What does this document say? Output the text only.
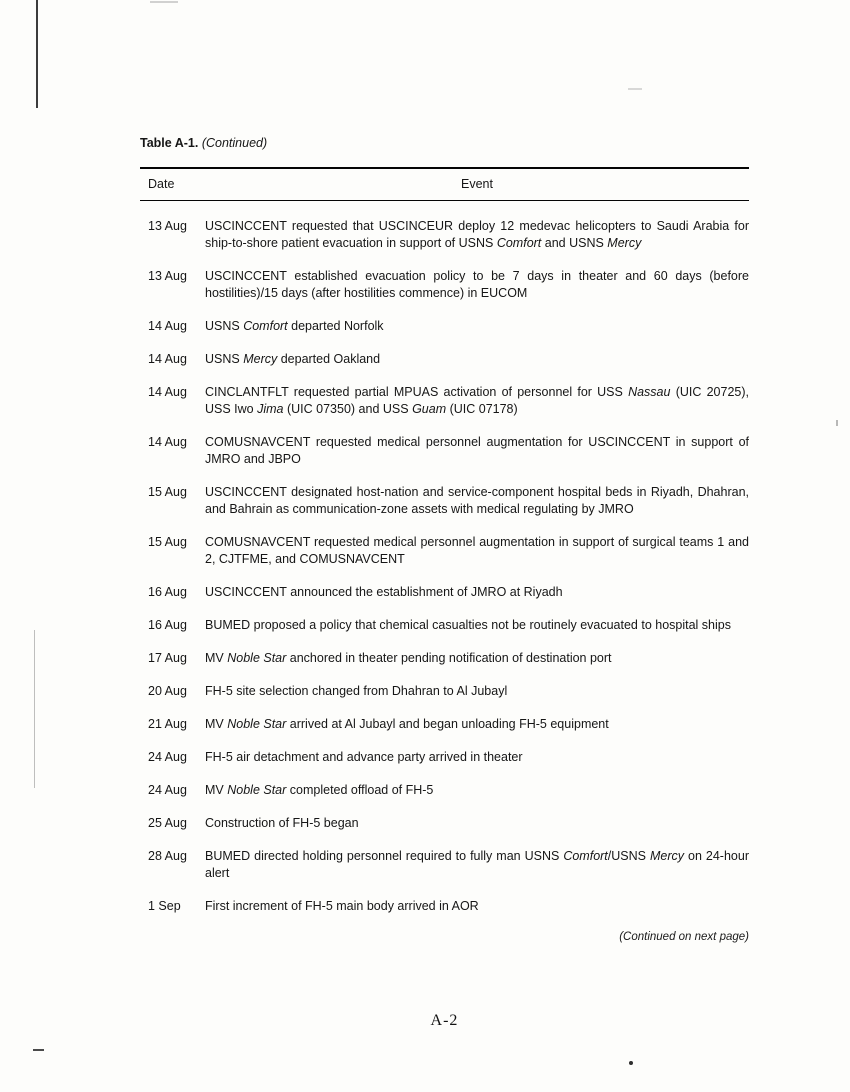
Table A-1. (Continued)
Date	Event
13 Aug	USCINCCENT requested that USCINCEUR deploy 12 medevac helicopters to Saudi Arabia for ship-to-shore patient evacuation in support of USNS Comfort and USNS Mercy
13 Aug	USCINCCENT established evacuation policy to be 7 days in theater and 60 days (before hostilities)/15 days (after hostilities commence) in EUCOM
14 Aug	USNS Comfort departed Norfolk
14 Aug	USNS Mercy departed Oakland
14 Aug	CINCLANTFLT requested partial MPUAS activation of personnel for USS Nassau (UIC 20725), USS Iwo Jima (UIC 07350) and USS Guam (UIC 07178)
14 Aug	COMUSNAVCENT requested medical personnel augmentation for USCINCCENT in support of JMRO and JBPO
15 Aug	USCINCCENT designated host-nation and service-component hospital beds in Riyadh, Dhahran, and Bahrain as communication-zone assets with medical regulating by JMRO
15 Aug	COMUSNAVCENT requested medical personnel augmentation in support of surgical teams 1 and 2, CJTFME, and COMUSNAVCENT
16 Aug	USCINCCENT announced the establishment of JMRO at Riyadh
16 Aug	BUMED proposed a policy that chemical casualties not be routinely evacuated to hospital ships
17 Aug	MV Noble Star anchored in theater pending notification of destination port
20 Aug	FH-5 site selection changed from Dhahran to Al Jubayl
21 Aug	MV Noble Star arrived at Al Jubayl and began unloading FH-5 equipment
24 Aug	FH-5 air detachment and advance party arrived in theater
24 Aug	MV Noble Star completed offload of FH-5
25 Aug	Construction of FH-5 began
28 Aug	BUMED directed holding personnel required to fully man USNS Comfort/USNS Mercy on 24-hour alert
1 Sep	First increment of FH-5 main body arrived in AOR
(Continued on next page)
A-2
